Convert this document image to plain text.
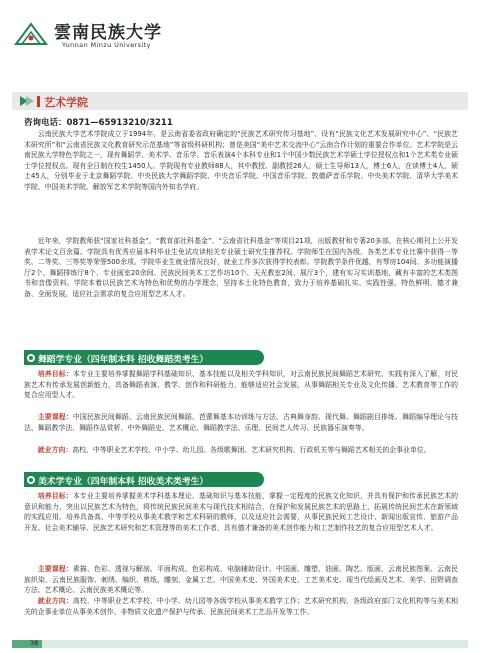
雲南民族大学
Yunnan Minzu University
艺术学院
咨询电话：0871—65913210/3211

云南民族大学艺术学院成立于1994年，是云南省委省政府确定的“民族艺术研究传习基地”、设有“民族文化艺术发展研究中心”、“民族艺术研究所”和“云南省民族文化教育研究示范基地”等省级科研机构；曾是美国“美中艺术交流中心”云南合作计划的重要合作单位。艺术学院是云南民族大学特色学院之一，现有舞蹈学、美术学、音乐学、音乐表演4个本科专业和1个中国少数民族艺术学硕士学位授权点和1个艺术类专业硕士学位授权点。现有全日制在校生1450人。学院现有专业教师88人，其中教授、副教授26人，硕士生导师13人，博士6人，在读博士4人，硕士45人，分别毕业于北京舞蹈学院、中央民族大学舞蹈学院、中央音乐学院、中国音乐学院、敦德萨音乐学院、中央美术学院、清华大学美术学院、中国美术学院、解放军艺术学院等国内外知名学府。

近年来，学院教师获“国家社科基金”、“教育部社科基金”、“云南省社科基金”等项目21项，出版教材和专著20多部，在核心期刊上公开发表学术论文百余篇。学院具有优秀应届本科毕业生免试攻读相关专业硕士研究生推荐权。学院师生在国内各级、各类艺术专业比赛中获得一等奖、二等奖、三等奖等荣誉500余项。学院毕业生就业情况良好，就业工作多次获得学校表彰。学院教学条件优越，有琴房104间、多功能演播厅2个、舞蹈排练厅8个、专业画室20余间、民族民间美术工艺作坊10个、天光教室2间、展厅3个，建有实习实训基地，藏有丰富的艺术类图书和音像资料。学院本着以民族艺术为特色和优势的办学理念，坚持本土化特色教育，致力于培养基础扎实、实践性强、特色鲜明、德才兼备、全面发展，适应社会需求的复合应用型艺术人才。

舞蹈学专业（四年制本科 招收舞蹈类考生）

培养目标：本专业主要培养掌握舞蹈学科基础知识、基本技能以及相关学科知识，对云南民族民间舞蹈艺术研究、实践有深入了解，对民族艺术有传承发展创新能力，具备舞蹈表演、教学、创作和科研能力，能够适应社会发展，从事舞蹈相关专业及文化传播、艺术教育等工作的复合应用型人才。

主要课程：中国民族民间舞蹈、云南民族民间舞蹈、芭蕾舞基本功训练与方法、古典舞身韵、现代舞、舞蹈剧目排练、舞蹈编导理论与技法、舞蹈教学法、舞蹈作品赏析、中外舞蹈史、艺术概论、舞蹈教学法、乐理、民间艺人传习、民族器乐演奏等。

就业方向：高校、中等职业艺术学校、中小学、幼儿园、各级歌舞团、艺术研究机构、行政机关等与舞蹈艺术相关的企事业单位。

美术学专业（四年制本科 招收美术类考生）

培养目标：本专业主要培养掌握美术学科基本理论、基础知识与基本技能，掌握一定程度的民族文化知识，并具有保护和传承民族艺术的意识和能力，突出以民族艺术为特色，将传统民族民间美术与现代技术相结合，在保护和发展民族艺术的思路上，拓展传统民间艺术在新领域的实践应用。培养具备高、中等学校从事美术教学和艺术科研的教师，以及适应社会需要，从事民族民间工艺设计、新闻出版宣传、旅游产品开发、社会美术辅导、民族艺术研究和艺术管理等的美术工作者，具有德才兼备的美术创作能力和工艺制作技艺的复合应用型艺术人才。

主要课程：素描、色彩、透视与解剖、平面构成、色彩构成、电脑辅助设计、中国画、雕塑、油画、陶艺、版画、云南民族图案、云南民族织染、云南民族服饰、刺绣、编织、剪纸、雕刻、金属工艺、中国美术史、外国美术史、工艺美术史、现当代绘画及艺术、美学、田野调查方法、艺术概论、云南民族美术概论等。

就业方向：高校、中等职业艺术学校、中小学、幼儿园等各级学校从事美术教学工作；艺术研究机构、各级政府部门文化机构等与美术相关的企事业单位从事美术创作、非物质文化遗产保护与传承、民族民间美术工艺品开发等工作。

38
